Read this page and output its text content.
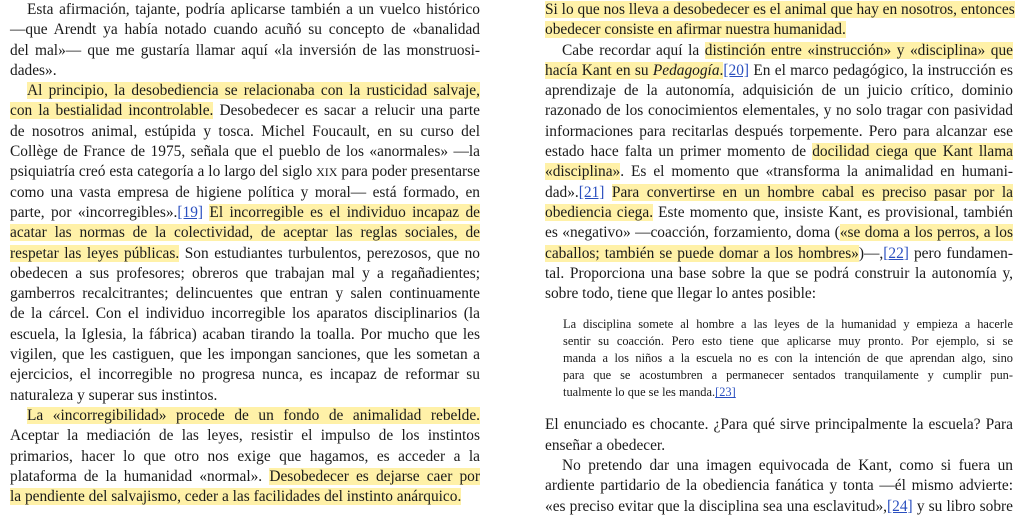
Esta afirmación, tajante, podría aplicarse también a un vuelco histórico
—que Arendt ya había notado cuando acuñó su concepto de «banalidad
del mal»— que me gustaría llamar aquí «la inversión de las monstruosi-
dades».
Al principio, la desobediencia se relacionaba con la rusticidad salvaje,
con la bestialidad incontrolable. Desobedecer es sacar a relucir una parte
de nosotros animal, estúpida y tosca. Michel Foucault, en su curso del
Collège de France de 1975, señala que el pueblo de los «anormales» —la
psiquiatría creó esta categoría a lo largo del siglo XIX para poder presentarse
como una vasta empresa de higiene política y moral— está formado, en
parte, por «incorregibles».[19] El incorregible es el individuo incapaz de
acatar las normas de la colectividad, de aceptar las reglas sociales, de
respetar las leyes públicas. Son estudiantes turbulentos, perezosos, que no
obedecen a sus profesores; obreros que trabajan mal y a regañadientes;
gamberros recalcitrantes; delincuentes que entran y salen continuamente
de la cárcel. Con el individuo incorregible los aparatos disciplinarios (la
escuela, la Iglesia, la fábrica) acaban tirando la toalla. Por mucho que les
vigilen, que les castiguen, que les impongan sanciones, que les sometan a
ejercicios, el incorregible no progresa nunca, es incapaz de reformar su
naturaleza y superar sus instintos.
La «incorregibilidad» procede de un fondo de animalidad rebelde.
Aceptar la mediación de las leyes, resistir el impulso de los instintos
primarios, hacer lo que otro nos exige que hagamos, es acceder a la
plataforma de la humanidad «normal». Desobedecer es dejarse caer por
la pendiente del salvajismo, ceder a las facilidades del instinto anárquico.
Si lo que nos lleva a desobedecer es el animal que hay en nosotros, entonces
obedecer consiste en afirmar nuestra humanidad.
Cabe recordar aquí la distinción entre «instrucción» y «disciplina» que
hacía Kant en su Pedagogía.[20] En el marco pedagógico, la instrucción es
aprendizaje de la autonomía, adquisición de un juicio crítico, dominio
razonado de los conocimientos elementales, y no solo tragar con pasividad
informaciones para recitarlas después torpemente. Pero para alcanzar ese
estado hace falta un primer momento de docilidad ciega que Kant llama
«disciplina». Es el momento que «transforma la animalidad en humani-
dad».[21] Para convertirse en un hombre cabal es preciso pasar por la
obediencia ciega. Este momento que, insiste Kant, es provisional, también
es «negativo» —coacción, forzamiento, doma («se doma a los perros, a los
caballos; también se puede domar a los hombres»)—,[22] pero fundamen-
tal. Proporciona una base sobre la que se podrá construir la autonomía y,
sobre todo, tiene que llegar lo antes posible:
La disciplina somete al hombre a las leyes de la humanidad y empieza a hacerle
sentir su coacción. Pero esto tiene que aplicarse muy pronto. Por ejemplo, si se
manda a los niños a la escuela no es con la intención de que aprendan algo, sino
para que se acostumbren a permanecer sentados tranquilamente y cumplir pun-
tualmente lo que se les manda.[23]
El enunciado es chocante. ¿Para qué sirve principalmente la escuela? Para
enseñar a obedecer.
No pretendo dar una imagen equivocada de Kant, como si fuera un
ardiente partidario de la obediencia fanática y tonta —él mismo advierte:
«es preciso evitar que la disciplina sea una esclavitud»,[24] y su libro sobre
